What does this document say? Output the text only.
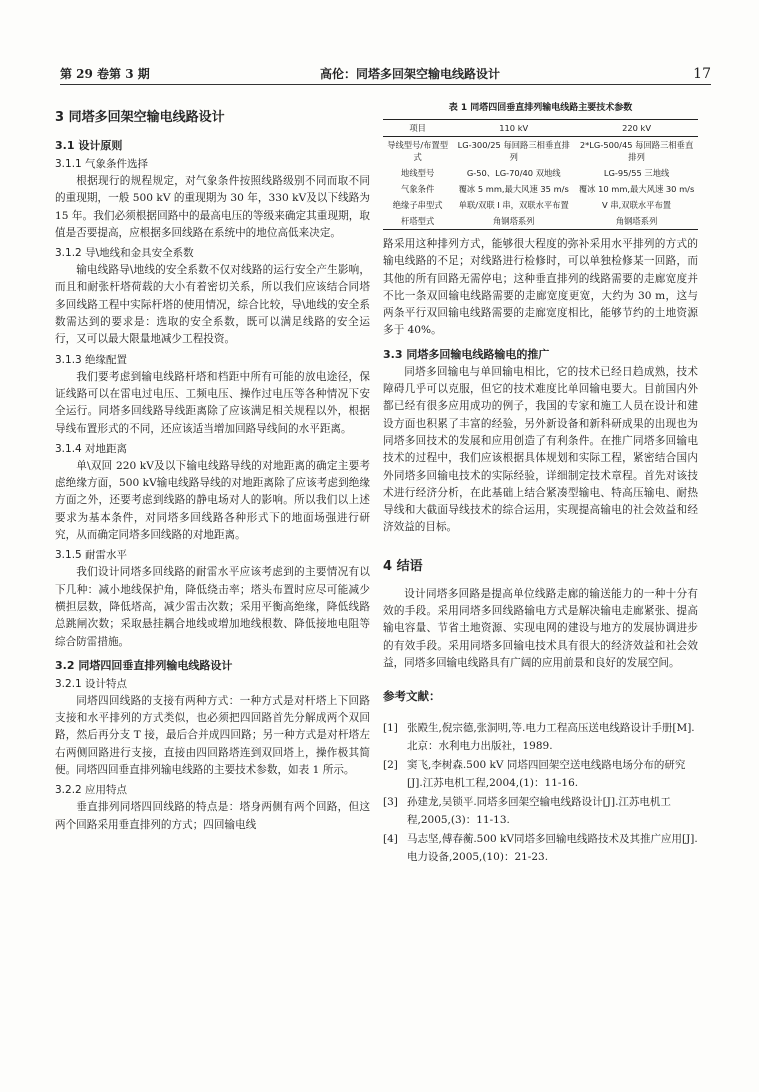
第 29 卷第 3 期	高伦：同塔多回架空输电线路设计	17
3 同塔多回架空输电线路设计
3.1 设计原则
3.1.1 气象条件选择

根据现行的规程规定，对气象条件按照线路级别不同而取不同的重现期，一般 500 kV 的重现期为 30 年，330 kV及以下线路为 15 年。我们必须根据回路中的最高电压的等级来确定其重现期，取值是否要提高，应根据多回线路在系统中的地位高低来决定。

3.1.2 导\地线和金具安全系数

输电线路导\地线的安全系数不仅对线路的运行安全产生影响，而且和耐张杆塔荷载的大小有着密切关系，所以我们应该结合同塔多回线路工程中实际杆塔的使用情况，综合比较，导\地线的安全系数需达到的要求是：选取的安全系数，既可以满足线路的安全运行，又可以最大限量地减少工程投资。

3.1.3 绝缘配置

我们要考虑到输电线路杆塔和档距中所有可能的放电途径，保证线路可以在雷电过电压、工频电压、操作过电压等各种情况下安全运行。同塔多回线路导线距离除了应该满足相关规程以外，根据导线布置形式的不同，还应该适当增加回路导线间的水平距离。

3.1.4 对地距离

单\双回 220 kV及以下输电线路导线的对地距离的确定主要考虑绝缘方面，500 kV输电线路导线的对地距离除了应该考虑到绝缘方面之外，还要考虑到线路的静电场对人的影响。所以我们以上述要求为基本条件，对同塔多回线路各种形式下的地面场强进行研究，从而确定同塔多回线路的对地距离。

3.1.5 耐雷水平

我们设计同塔多回线路的耐雷水平应该考虑到的主要情况有以下几种：减小地线保护角，降低绕击率；塔头布置时应尽可能减少横担层数，降低塔高，减少雷击次数；采用平衡高绝缘，降低线路总跳闸次数；采取悬挂耦合地线或增加地线根数、降低接地电阻等综合防雷措施。

3.2 同塔四回垂直排列输电线路设计
3.2.1 设计特点

同塔四回线路的支接有两种方式：一种方式是对杆塔上下回路支接和水平排列的方式类似，也必须把四回路首先分解成两个双回路，然后再分支 T 接，最后合并成四回路；另一种方式是对杆塔左右两侧回路进行支接，直接由四回路塔连到双回塔上，操作极其简便。同塔四回垂直排列输电线路的主要技术参数，如表 1 所示。

3.2.2 应用特点

垂直排列同塔四回线路的特点是：塔身两侧有两个回路，但这两个回路采用垂直排列的方式；四回输电线

表 1 同塔四回垂直排列输电线路主要技术参数
项目	110 kV	220 kV
导线型号/布置型式	LG-300/25 每回路三相垂直排列	2*LG-500/45 每回路三相垂直排列
地线型号	G-50、LG-70/40 双地线	LG-95/55 三地线
气象条件	覆冰 5 mm,最大风速 35 m/s	覆冰 10 mm,最大风速 30 m/s
绝缘子串型式	单联/双联 I 串，双联水平布置	V 串,双联水平布置
杆塔型式	角钢塔系列	角钢塔系列

路采用这种排列方式，能够很大程度的弥补采用水平排列的方式的输电线路的不足；对线路进行检修时，可以单独检修某一回路，而其他的所有回路无需停电；这种垂直排列的线路需要的走廊宽度并不比一条双回输电线路需要的走廊宽度更宽，大约为 30 m，这与两条平行双回输电线路需要的走廊宽度相比，能够节约的土地资源多于 40%。

3.3 同塔多回输电线路输电的推广

同塔多回输电与单回输电相比，它的技术已经日趋成熟，技术障碍几乎可以克服，但它的技术难度比单回输电要大。目前国内外都已经有很多应用成功的例子，我国的专家和施工人员在设计和建设方面也积累了丰富的经验，另外新设备和新科研成果的出现也为同塔多回技术的发展和应用创造了有利条件。在推广同塔多回输电技术的过程中，我们应该根据具体规划和实际工程，紧密结合国内外同塔多回输电技术的实际经验，详细制定技术章程。首先对该技术进行经济分析，在此基础上结合紧凑型输电、特高压输电、耐热导线和大截面导线技术的综合运用，实现提高输电的社会效益和经济效益的目标。

4 结语

设计同塔多回路是提高单位线路走廊的输送能力的一种十分有效的手段。采用同塔多回线路输电方式是解决输电走廊紧张、提高输电容量、节省土地资源、实现电网的建设与地方的发展协调进步的有效手段。采用同塔多回输电技术具有很大的经济效益和社会效益，同塔多回输电线路具有广阔的应用前景和良好的发展空间。

参考文献：
[1] 张殿生,倪宗德,张洞明,等.电力工程高压送电线路设计手册[M].北京：水利电力出版社，1989.
[2] 窦飞,李树森.500 kV 同塔四回架空送电线路电场分布的研究[J].江苏电机工程,2004,(1)：11-16.
[3] 孙建龙,吴锁平.同塔多回架空输电线路设计[J].江苏电机工程,2005,(3)：11-13.
[4] 马志坚,傅春蘅.500 kV同塔多回输电线路技术及其推广应用[J].电力设备,2005,(10)：21-23.
